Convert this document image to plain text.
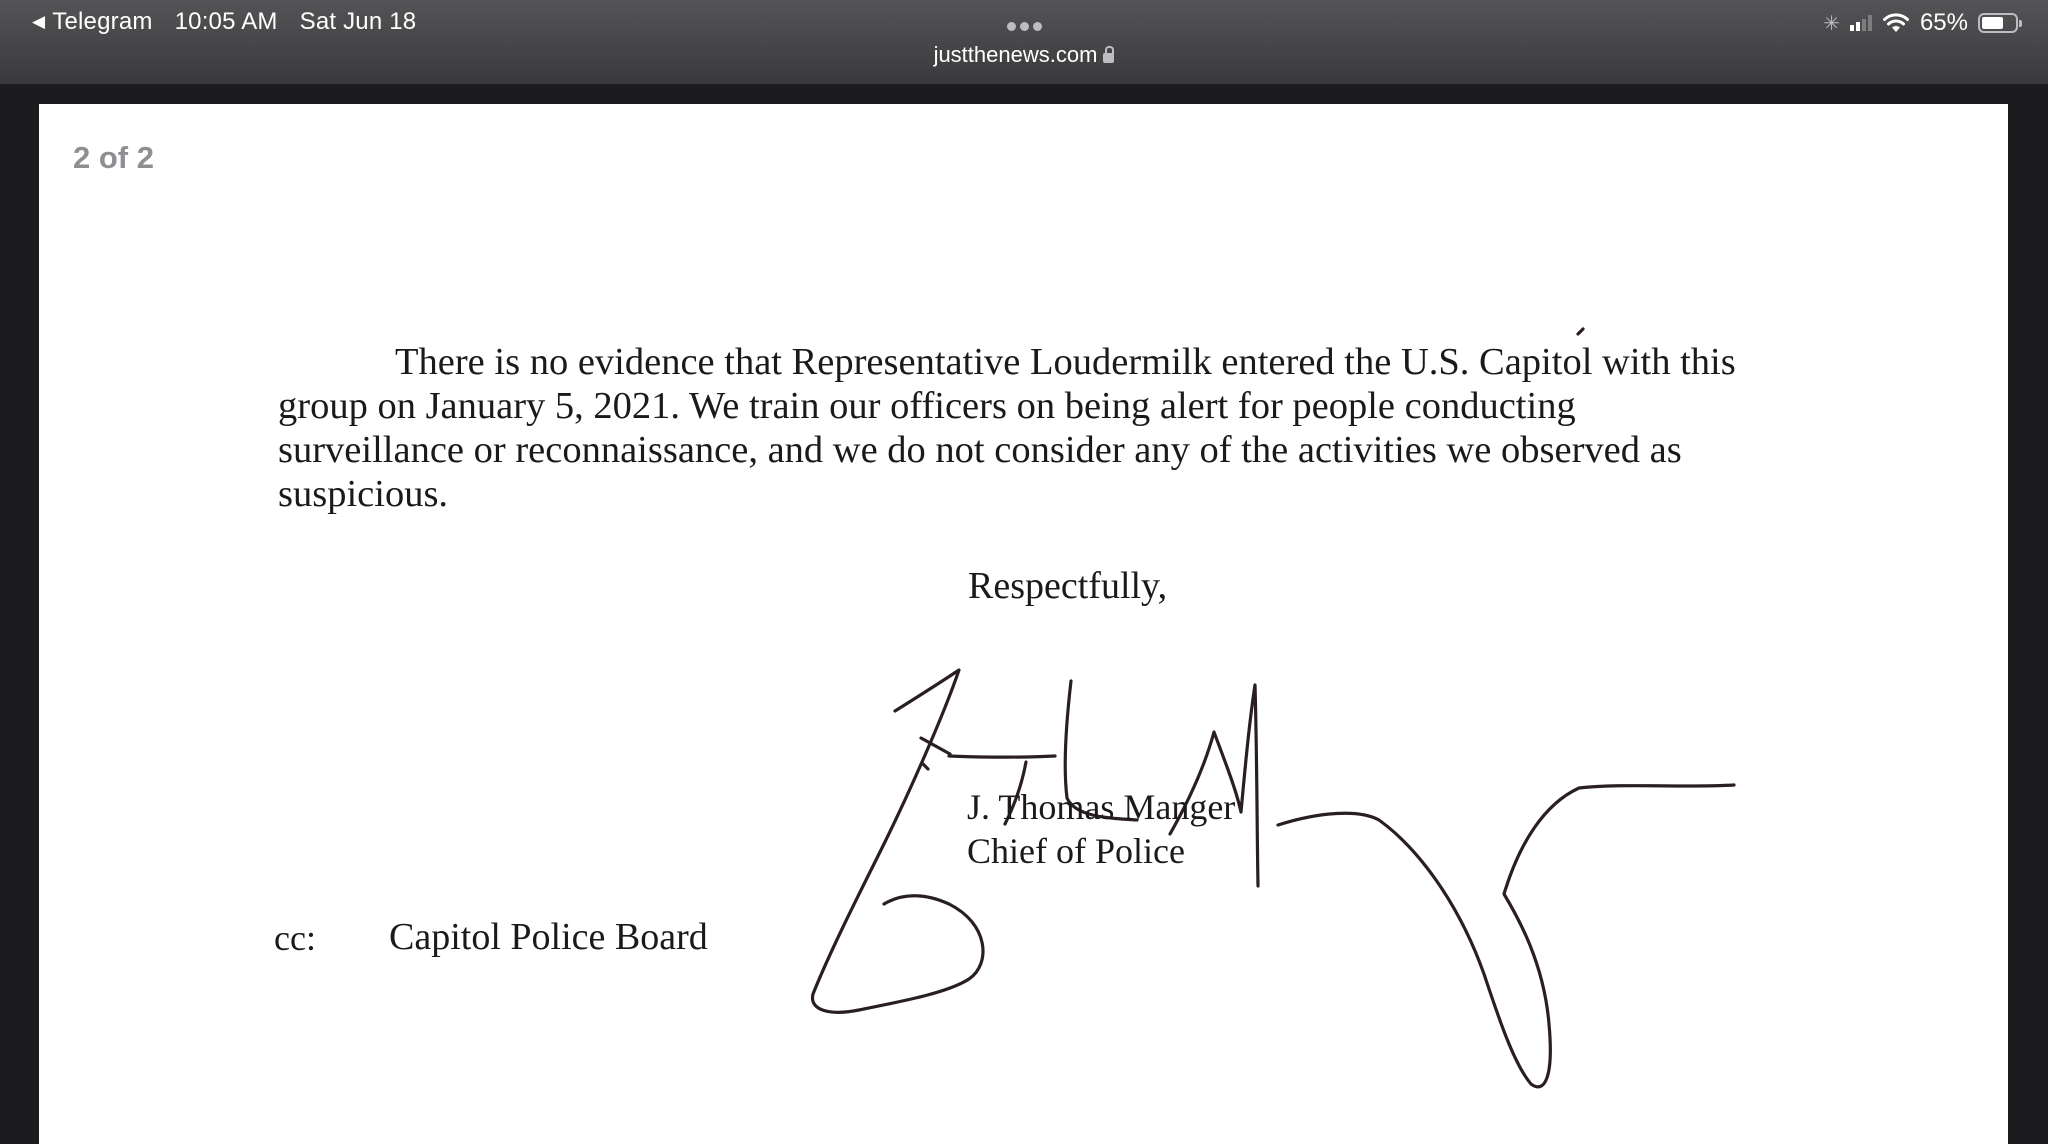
◀ Telegram 10:05 AM Sat Jun 18
justthenews.com
✳	65%
2 of 2

There is no evidence that Representative Loudermilk entered the U.S. Capitol with this
group on January 5, 2021. We train our officers on being alert for people conducting
surveillance or reconnaissance, and we do not consider any of the activities we observed as
suspicious.

Respectfully,
J. Thomas Manger
Chief of Police
cc: Capitol Police Board
